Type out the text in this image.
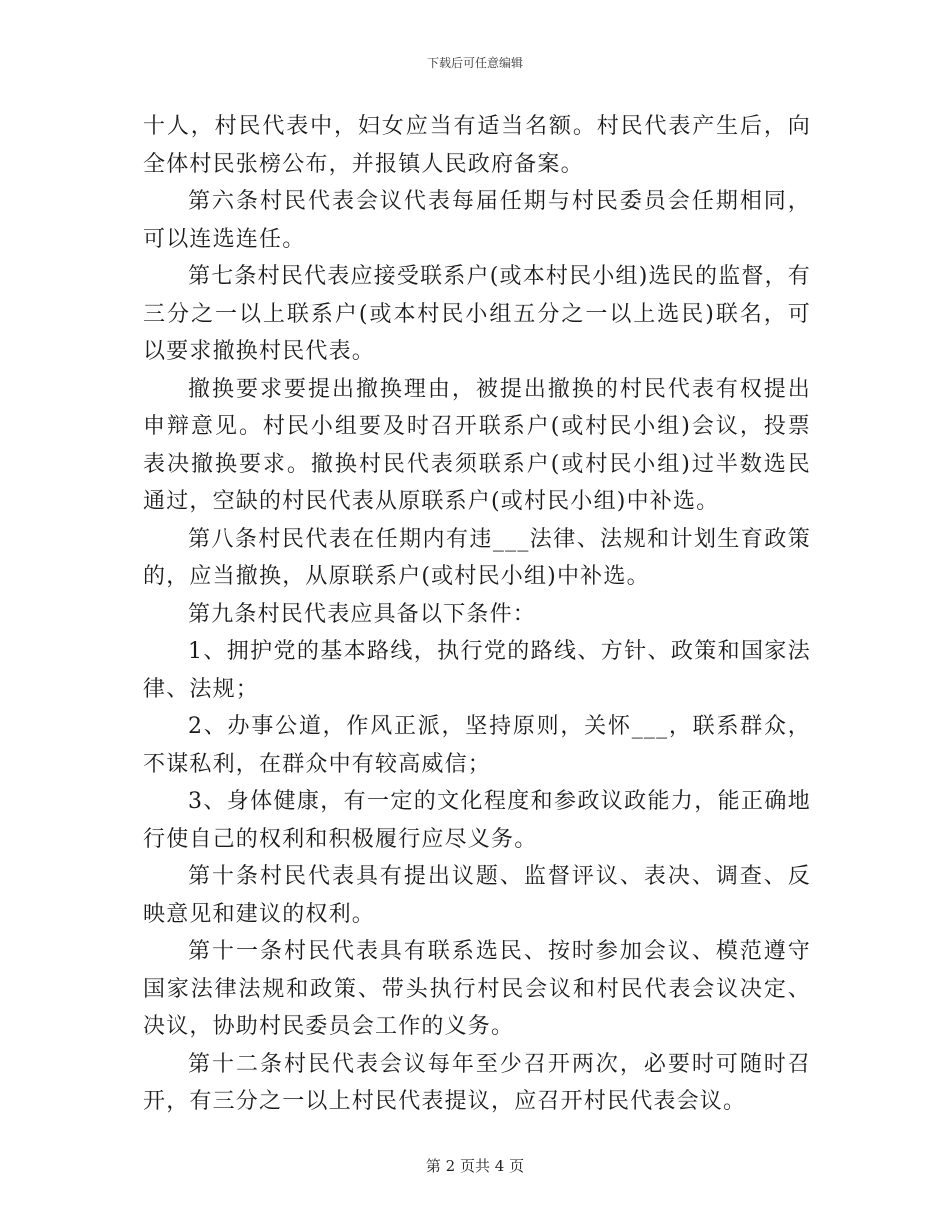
下载后可任意编辑

十人，村民代表中，妇女应当有适当名额。村民代表产生后，向全体村民张榜公布，并报镇人民政府备案。

第六条村民代表会议代表每届任期与村民委员会任期相同，可以连选连任。

第七条村民代表应接受联系户(或本村民小组)选民的监督，有三分之一以上联系户(或本村民小组五分之一以上选民)联名，可以要求撤换村民代表。

撤换要求要提出撤换理由，被提出撤换的村民代表有权提出申辩意见。村民小组要及时召开联系户(或村民小组)会议，投票表决撤换要求。撤换村民代表须联系户(或村民小组)过半数选民通过，空缺的村民代表从原联系户(或村民小组)中补选。

第八条村民代表在任期内有违___法律、法规和计划生育政策的，应当撤换，从原联系户(或村民小组)中补选。

第九条村民代表应具备以下条件：

1、拥护党的基本路线，执行党的路线、方针、政策和国家法律、法规；

2、办事公道，作风正派，坚持原则，关怀___，联系群众，不谋私利，在群众中有较高威信；

3、身体健康，有一定的文化程度和参政议政能力，能正确地行使自己的权利和积极履行应尽义务。

第十条村民代表具有提出议题、监督评议、表决、调查、反映意见和建议的权利。

第十一条村民代表具有联系选民、按时参加会议、模范遵守国家法律法规和政策、带头执行村民会议和村民代表会议决定、决议，协助村民委员会工作的义务。

第十二条村民代表会议每年至少召开两次，必要时可随时召开，有三分之一以上村民代表提议，应召开村民代表会议。

第 2 页共 4 页
